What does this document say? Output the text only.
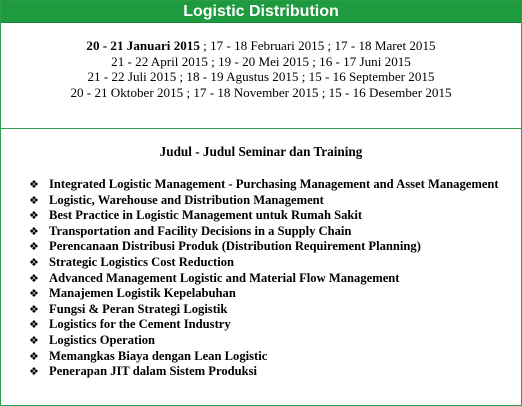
Logistic Distribution
20 - 21 Januari 2015 ; 17 - 18 Februari 2015 ; 17 - 18 Maret 2015
21 - 22 April 2015 ; 19 - 20 Mei 2015 ; 16 - 17 Juni 2015
21 - 22 Juli 2015 ; 18 - 19 Agustus 2015 ; 15 - 16 September 2015
20 - 21 Oktober 2015 ; 17 - 18 November 2015 ; 15 - 16 Desember 2015
Judul - Judul Seminar dan Training
❖ Integrated Logistic Management - Purchasing Management and Asset Management
❖ Logistic, Warehouse and Distribution Management
❖ Best Practice in Logistic Management untuk Rumah Sakit
❖ Transportation and Facility Decisions in a Supply Chain
❖ Perencanaan Distribusi Produk (Distribution Requirement Planning)
❖ Strategic Logistics Cost Reduction
❖ Advanced Management Logistic and Material Flow Management
❖ Manajemen Logistik Kepelabuhan
❖ Fungsi & Peran Strategi Logistik
❖ Logistics for the Cement Industry
❖ Logistics Operation
❖ Memangkas Biaya dengan Lean Logistic
❖ Penerapan JIT dalam Sistem Produksi
